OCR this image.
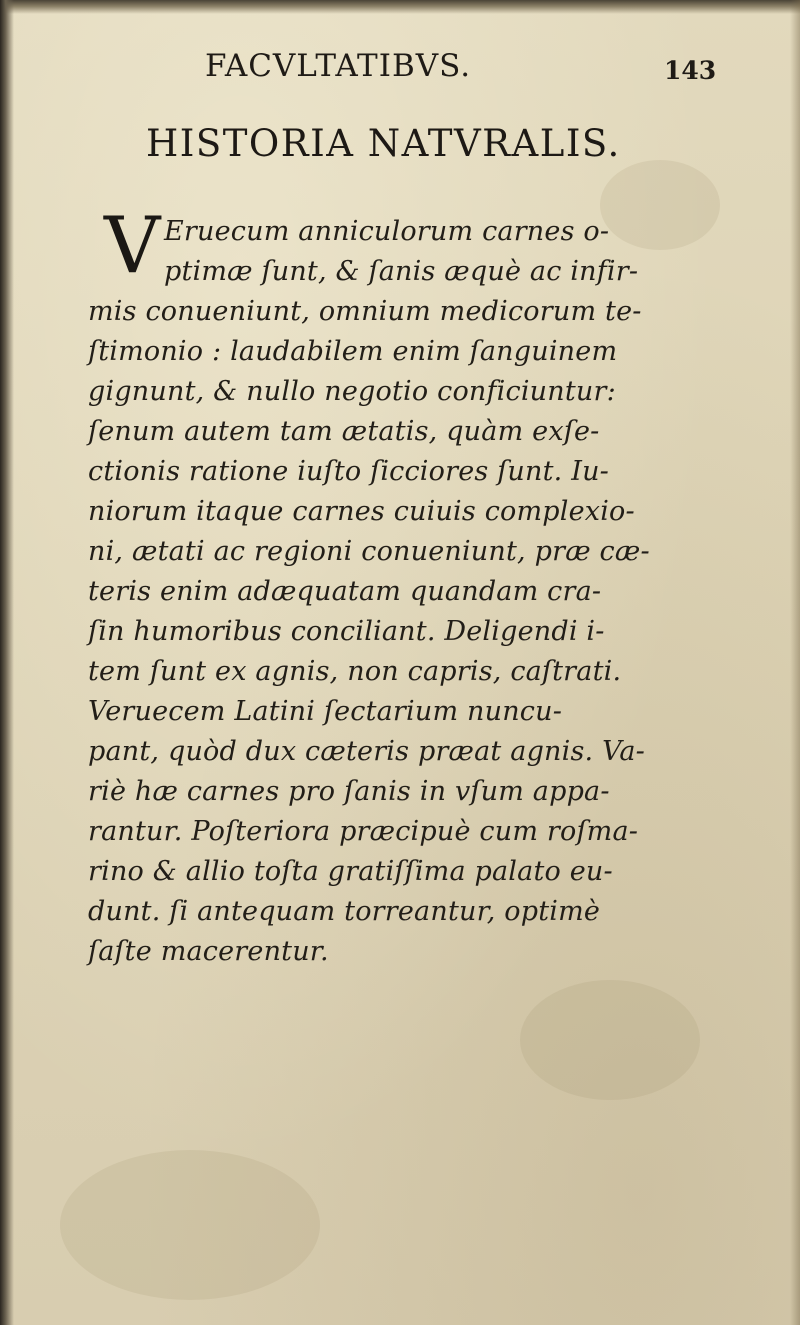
FACVLTATIBVS.	143
HISTORIA NATVRALIS.
V Eruecum anniculorum carnes o-
ptimæ ſunt, & ſanis æquè ac infir-
mis conueniunt, omnium medicorum te-
ſtimonio : laudabilem enim ſanguinem
gignunt, & nullo negotio conficiuntur:
ſenum autem tam ætatis, quàm exſe-
ctionis ratione iuſto ſicciores ſunt. Iu-
niorum itaque carnes cuiuis complexio-
ni, ætati ac regioni conueniunt, præ cæ-
teris enim adæquatam quandam cra-
ſin humoribus conciliant. Deligendi i-
tem ſunt ex agnis, non capris, caſtrati.
Veruecem Latini ſectarium nuncu-
pant, quòd dux cæteris præat agnis. Va-
riè hæ carnes pro ſanis in vſum appa-
rantur. Poſteriora præcipuè cum roſma-
rino & allio toſta gratiſſima palato eu-
dunt. ſi antequam torreantur, optimè
ſaſte macerentur.
